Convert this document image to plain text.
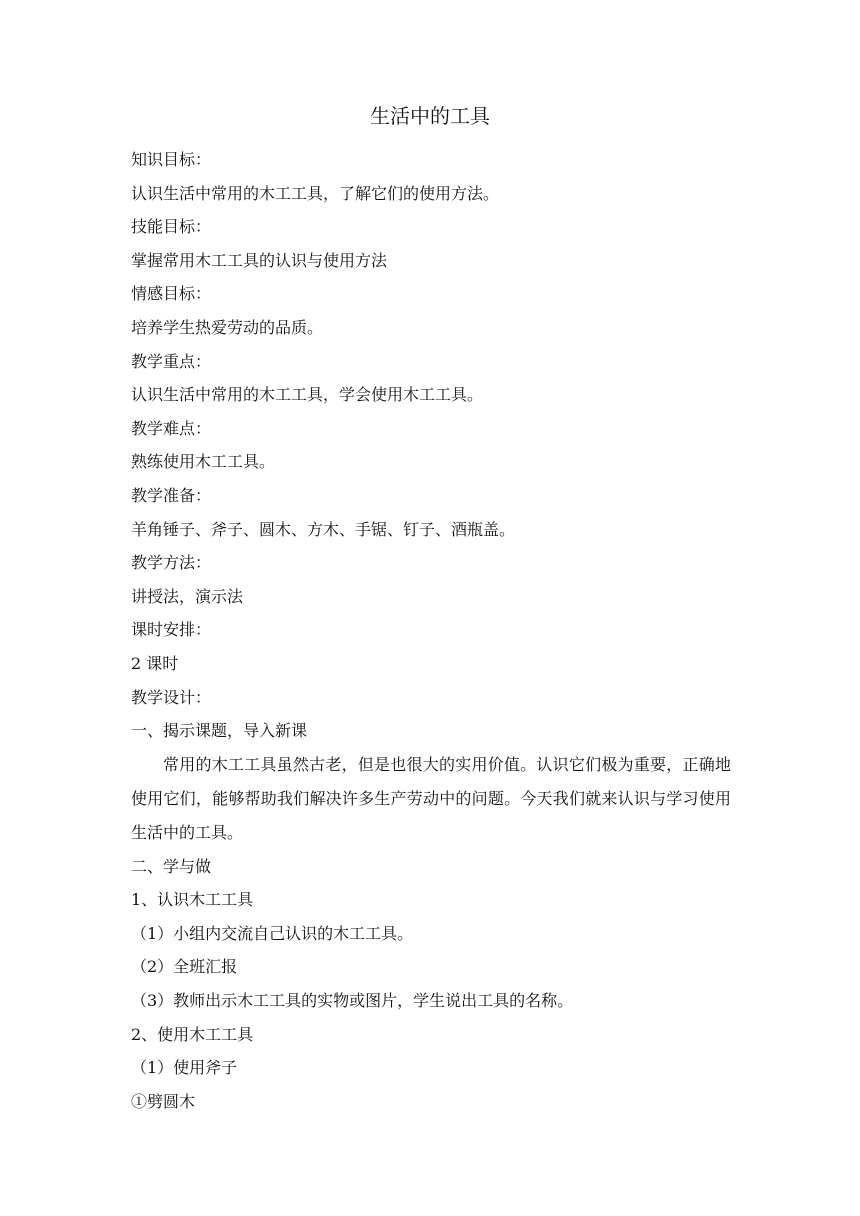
生活中的工具
知识目标：
认识生活中常用的木工工具，了解它们的使用方法。
技能目标：
掌握常用木工工具的认识与使用方法
情感目标：
培养学生热爱劳动的品质。
教学重点：
认识生活中常用的木工工具，学会使用木工工具。
教学难点：
熟练使用木工工具。
教学准备：
羊角锤子、斧子、圆木、方木、手锯、钉子、酒瓶盖。
教学方法：
讲授法，演示法
课时安排：
2 课时
教学设计：
一、揭示课题，导入新课
常用的木工工具虽然古老，但是也很大的实用价值。认识它们极为重要，正确地使用它们，能够帮助我们解决许多生产劳动中的问题。今天我们就来认识与学习使用生活中的工具。
二、学与做
1、认识木工工具
（1）小组内交流自己认识的木工工具。
（2）全班汇报
（3）教师出示木工工具的实物或图片，学生说出工具的名称。
2、使用木工工具
（1）使用斧子
①劈圆木
